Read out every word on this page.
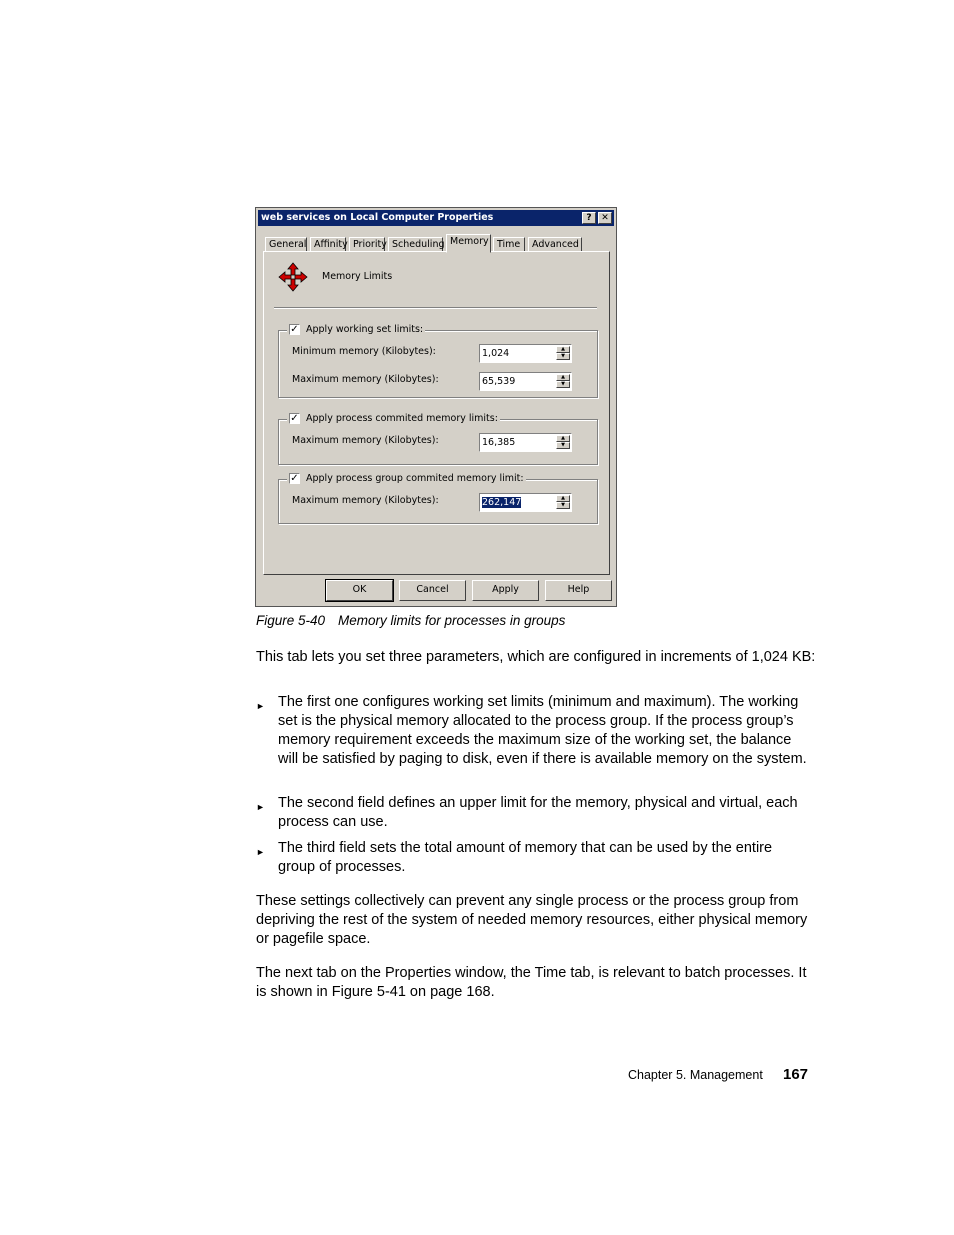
web services on Local Computer Properties	?	✕
General Affinity Priority Scheduling Memory Time	Advanced
Memory Limits
✓ Apply working set limits:
Minimum memory (Kilobytes):	1,024	▲
▼
Maximum memory (Kilobytes):	65,539	▲
▼
✓ Apply process commited memory limits:
Maximum memory (Kilobytes):	16,385	▲
▼
✓ Apply process group commited memory limit:
Maximum memory (Kilobytes):	262,147	▲
▼
OK	Cancel	Apply	Help
Figure 5-40 Memory limits for processes in groups
This tab lets you set three parameters, which are configured in increments of 1,024 KB:
► The first one configures working set limits (minimum and maximum). The working set is the physical memory allocated to the process group. If the process group’s memory requirement exceeds the maximum size of the working set, the balance will be satisfied by paging to disk, even if there is available memory on the system.
► The second field defines an upper limit for the memory, physical and virtual, each process can use.
► The third field sets the total amount of memory that can be used by the entire group of processes.
These settings collectively can prevent any single process or the process group from depriving the rest of the system of needed memory resources, either physical memory or pagefile space.
The next tab on the Properties window, the Time tab, is relevant to batch processes. It is shown in Figure 5-41 on page 168.
Chapter 5. Management 167
